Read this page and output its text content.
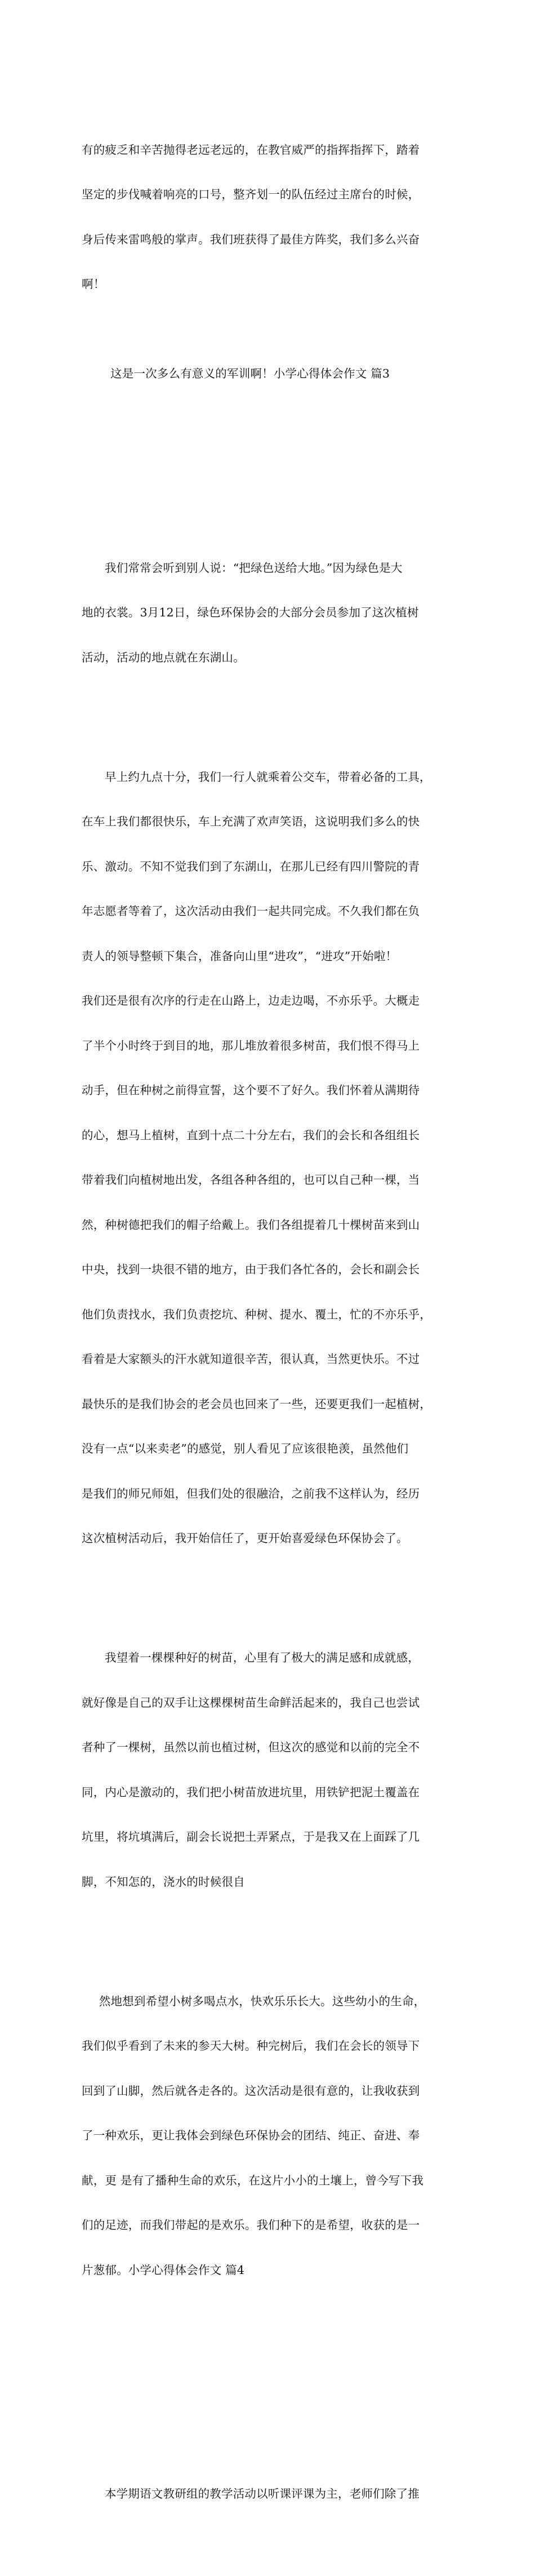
有的疲乏和辛苦抛得老远老远的，在教官威严的指挥指挥下，踏着

坚定的步伐喊着响亮的口号，整齐划一的队伍经过主席台的时候，

身后传来雷鸣般的掌声。我们班获得了最佳方阵奖，我们多么兴奋

啊！

这是一次多么有意义的军训啊！小学心得体会作文 篇3

我们常常会听到别人说：“把绿色送给大地。”因为绿色是大

地的衣裳。3月12日，绿色环保协会的大部分会员参加了这次植树

活动，活动的地点就在东湖山。

早上约九点十分，我们一行人就乘着公交车，带着必备的工具，

在车上我们都很快乐，车上充满了欢声笑语，这说明我们多么的快

乐、激动。不知不觉我们到了东湖山，在那儿已经有四川警院的青

年志愿者等着了，这次活动由我们一起共同完成。不久我们都在负

责人的领导整顿下集合，准备向山里“进攻”，“进攻”开始啦！

我们还是很有次序的行走在山路上，边走边喝，不亦乐乎。大概走

了半个小时终于到目的地，那儿堆放着很多树苗，我们恨不得马上

动手，但在种树之前得宣誓，这个要不了好久。我们怀着从满期待

的心，想马上植树，直到十点二十分左右，我们的会长和各组组长

带着我们向植树地出发，各组各种各组的，也可以自己种一棵，当

然，种树德把我们的帽子给戴上。我们各组提着几十棵树苗来到山

中央，找到一块很不错的地方，由于我们各忙各的，会长和副会长

他们负责找水，我们负责挖坑、种树、提水、覆土，忙的不亦乐乎，

看着是大家额头的汗水就知道很辛苦，很认真，当然更快乐。不过

最快乐的是我们协会的老会员也回来了一些，还要更我们一起植树，

没有一点“以来卖老”的感觉，别人看见了应该很艳羡，虽然他们

是我们的师兄师姐，但我们处的很融洽，之前我不这样认为，经历

这次植树活动后，我开始信任了，更开始喜爱绿色环保协会了。

我望着一棵棵种好的树苗，心里有了极大的满足感和成就感，

就好像是自己的双手让这棵棵树苗生命鲜活起来的，我自己也尝试

者种了一棵树，虽然以前也植过树，但这次的感觉和以前的完全不

同，内心是激动的，我们把小树苗放进坑里，用铁铲把泥土覆盖在

坑里，将坑填满后，副会长说把土弄紧点，于是我又在上面踩了几

脚，不知怎的，浇水的时候很自

然地想到希望小树多喝点水，快欢乐乐长大。这些幼小的生命，

我们似乎看到了未来的参天大树。种完树后，我们在会长的领导下

回到了山脚，然后就各走各的。这次活动是很有意的，让我收获到

了一种欢乐，更让我体会到绿色环保协会的团结、纯正、奋进、奉

献，更 是有了播种生命的欢乐，在这片小小的土壤上，曾今写下我

们的足迹，而我们带起的是欢乐。我们种下的是希望，收获的是一

片葱郁。小学心得体会作文 篇4

本学期语文教研组的教学活动以听课评课为主，老师们除了推
